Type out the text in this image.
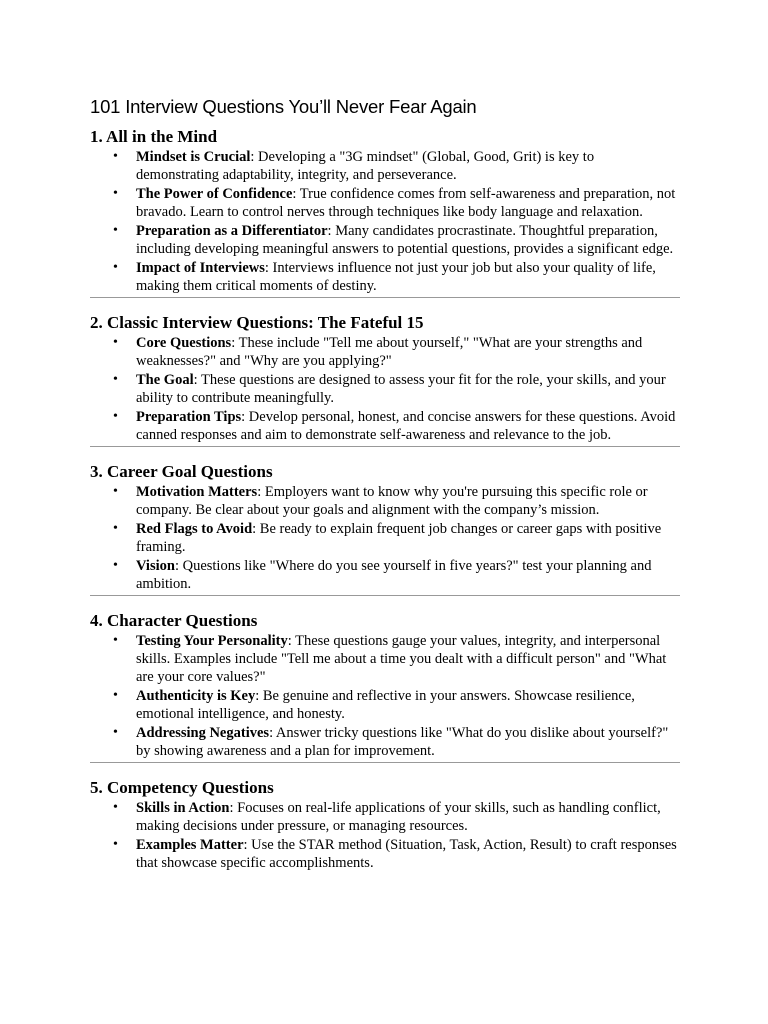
101 Interview Questions You’ll Never Fear Again
1. All in the Mind
• Mindset is Crucial: Developing a "3G mindset" (Global, Good, Grit) is key to demonstrating adaptability, integrity, and perseverance.
• The Power of Confidence: True confidence comes from self-awareness and preparation, not bravado. Learn to control nerves through techniques like body language and relaxation.
• Preparation as a Differentiator: Many candidates procrastinate. Thoughtful preparation, including developing meaningful answers to potential questions, provides a significant edge.
• Impact of Interviews: Interviews influence not just your job but also your quality of life, making them critical moments of destiny.
2. Classic Interview Questions: The Fateful 15
• Core Questions: These include "Tell me about yourself," "What are your strengths and weaknesses?" and "Why are you applying?"
• The Goal: These questions are designed to assess your fit for the role, your skills, and your ability to contribute meaningfully.
• Preparation Tips: Develop personal, honest, and concise answers for these questions. Avoid canned responses and aim to demonstrate self-awareness and relevance to the job.
3. Career Goal Questions
• Motivation Matters: Employers want to know why you're pursuing this specific role or company. Be clear about your goals and alignment with the company’s mission.
• Red Flags to Avoid: Be ready to explain frequent job changes or career gaps with positive framing.
• Vision: Questions like "Where do you see yourself in five years?" test your planning and ambition.
4. Character Questions
• Testing Your Personality: These questions gauge your values, integrity, and interpersonal skills. Examples include "Tell me about a time you dealt with a difficult person" and "What are your core values?"
• Authenticity is Key: Be genuine and reflective in your answers. Showcase resilience, emotional intelligence, and honesty.
• Addressing Negatives: Answer tricky questions like "What do you dislike about yourself?" by showing awareness and a plan for improvement.
5. Competency Questions
• Skills in Action: Focuses on real-life applications of your skills, such as handling conflict, making decisions under pressure, or managing resources.
• Examples Matter: Use the STAR method (Situation, Task, Action, Result) to craft responses that showcase specific accomplishments.
